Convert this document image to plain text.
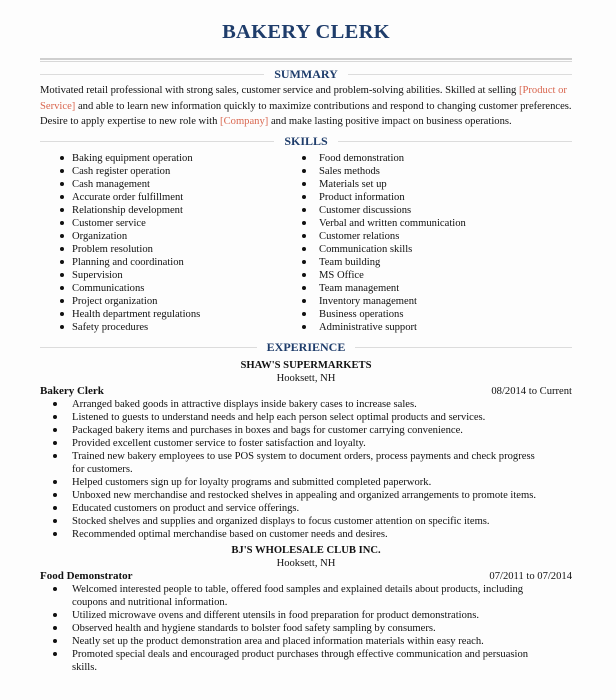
BAKERY CLERK
SUMMARY
Motivated retail professional with strong sales, customer service and problem-solving abilities. Skilled at selling [Product or Service] and able to learn new information quickly to maximize contributions and respond to changing customer preferences. Desire to apply expertise to new role with [Company] and make lasting positive impact on business operations.
SKILLS
Baking equipment operation
Cash register operation
Cash management
Accurate order fulfillment
Relationship development
Customer service
Organization
Problem resolution
Planning and coordination
Supervision
Communications
Project organization
Health department regulations
Safety procedures
Food demonstration
Sales methods
Materials set up
Product information
Customer discussions
Verbal and written communication
Customer relations
Communication skills
Team building
MS Office
Team management
Inventory management
Business operations
Administrative support
EXPERIENCE
SHAW'S SUPERMARKETS
Hooksett, NH
Bakery Clerk	08/2014 to Current
Arranged baked goods in attractive displays inside bakery cases to increase sales.
Listened to guests to understand needs and help each person select optimal products and services.
Packaged bakery items and purchases in boxes and bags for customer carrying convenience.
Provided excellent customer service to foster satisfaction and loyalty.
Trained new bakery employees to use POS system to document orders, process payments and check progress for customers.
Helped customers sign up for loyalty programs and submitted completed paperwork.
Unboxed new merchandise and restocked shelves in appealing and organized arrangements to promote items.
Educated customers on product and service offerings.
Stocked shelves and supplies and organized displays to focus customer attention on specific items.
Recommended optimal merchandise based on customer needs and desires.
BJ'S WHOLESALE CLUB INC.
Hooksett, NH
Food Demonstrator	07/2011 to 07/2014
Welcomed interested people to table, offered food samples and explained details about products, including coupons and nutritional information.
Utilized microwave ovens and different utensils in food preparation for product demonstrations.
Observed health and hygiene standards to bolster food safety sampling by consumers.
Neatly set up the product demonstration area and placed information materials within easy reach.
Promoted special deals and encouraged product purchases through effective communication and persuasion skills.
